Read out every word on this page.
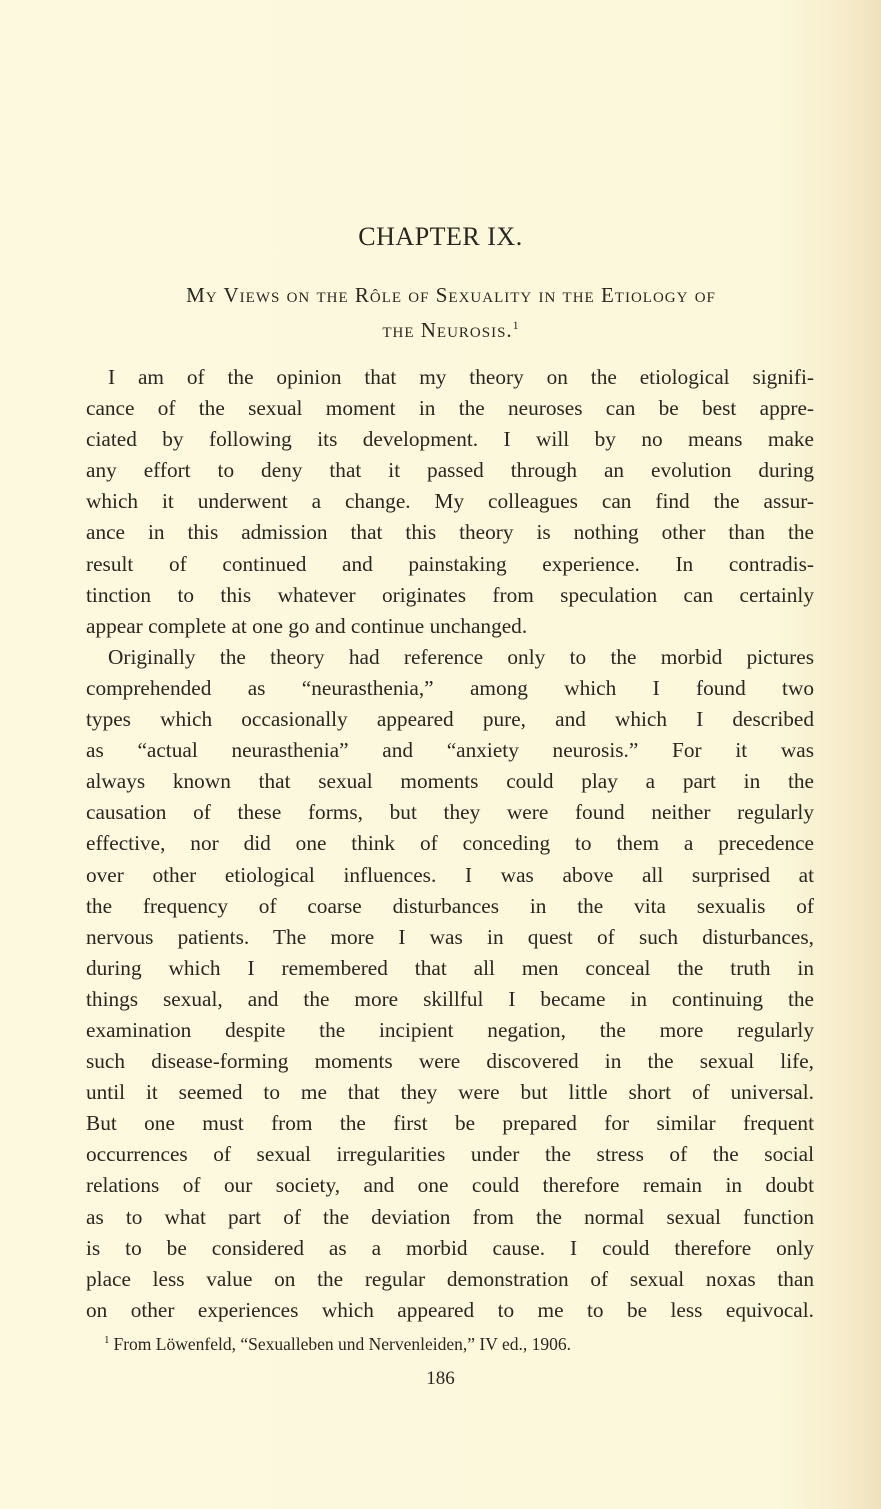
CHAPTER IX.
My Views on the Rôle of Sexuality in the Etiology of
the Neurosis.$^1$

I am of the opinion that my theory on the etiological signifi-
cance of the sexual moment in the neuroses can be best appre-
ciated by following its development. I will by no means make
any effort to deny that it passed through an evolution during
which it underwent a change. My colleagues can find the assur-
ance in this admission that this theory is nothing other than the
result of continued and painstaking experience. In contradis-
tinction to this whatever originates from speculation can certainly
appear complete at one go and continue unchanged.

Originally the theory had reference only to the morbid pictures
comprehended as “neurasthenia,” among which I found two
types which occasionally appeared pure, and which I described
as “actual neurasthenia” and “anxiety neurosis.” For it was
always known that sexual moments could play a part in the
causation of these forms, but they were found neither regularly
effective, nor did one think of conceding to them a precedence
over other etiological influences. I was above all surprised at
the frequency of coarse disturbances in the vita sexualis of
nervous patients. The more I was in quest of such disturbances,
during which I remembered that all men conceal the truth in
things sexual, and the more skillful I became in continuing the
examination despite the incipient negation, the more regularly
such disease-forming moments were discovered in the sexual life,
until it seemed to me that they were but little short of universal.
But one must from the first be prepared for similar frequent
occurrences of sexual irregularities under the stress of the social
relations of our society, and one could therefore remain in doubt
as to what part of the deviation from the normal sexual function
is to be considered as a morbid cause. I could therefore only
place less value on the regular demonstration of sexual noxas than
on other experiences which appeared to me to be less equivocal.

$^1$ From Löwenfeld, “Sexualleben und Nervenleiden,” IV ed., 1906.
186
